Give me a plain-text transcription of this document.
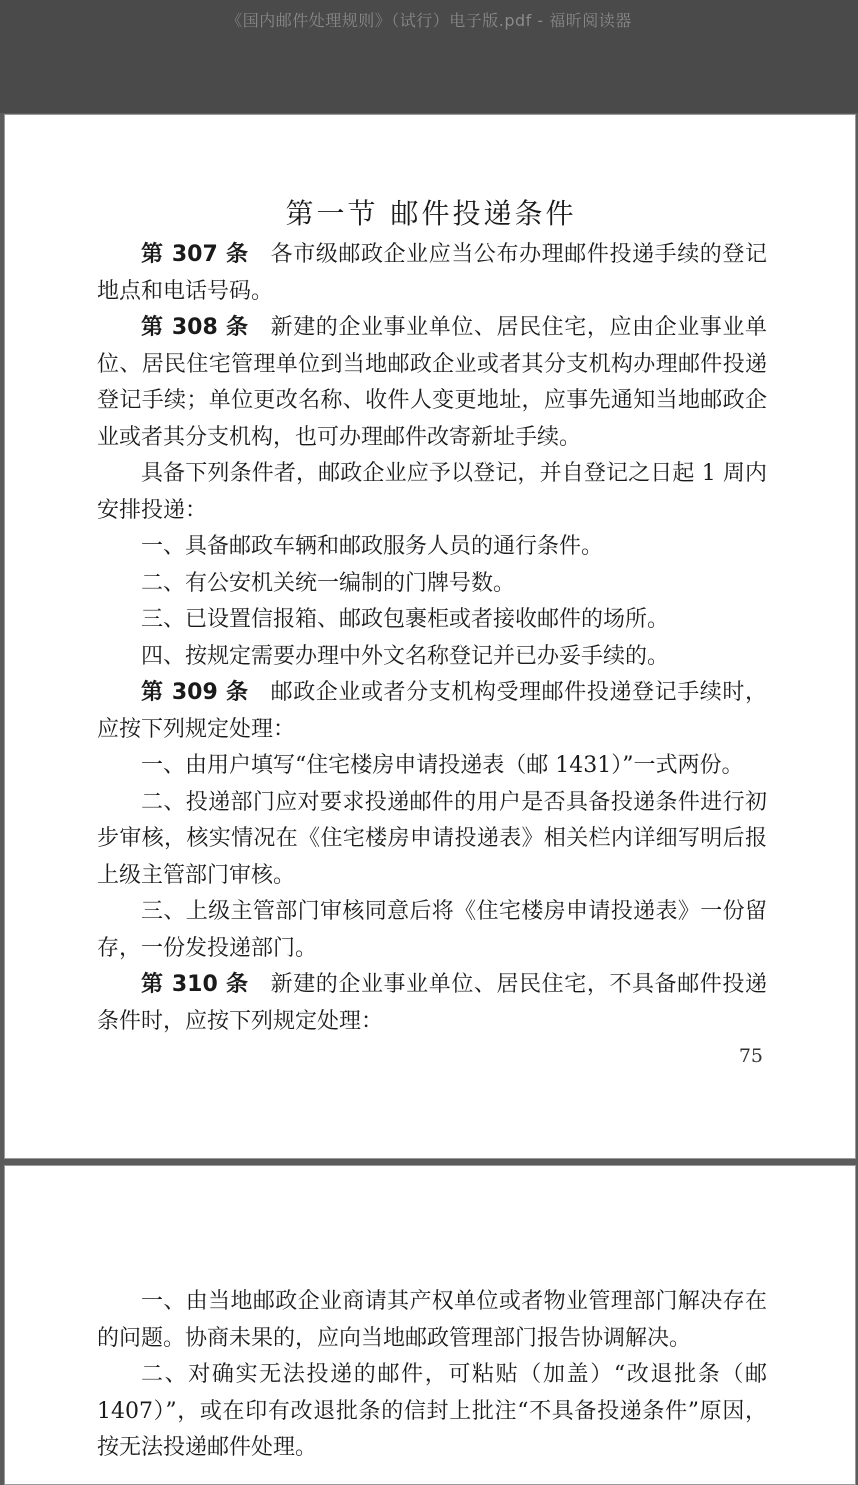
《国内邮件处理规则》（试行）电子版.pdf - 福昕阅读器
第一节 邮件投递条件

第 307 条 各市级邮政企业应当公布办理邮件投递手续的登记地点和电话号码。

第 308 条 新建的企业事业单位、居民住宅，应由企业事业单位、居民住宅管理单位到当地邮政企业或者其分支机构办理邮件投递登记手续；单位更改名称、收件人变更地址，应事先通知当地邮政企业或者其分支机构，也可办理邮件改寄新址手续。

具备下列条件者，邮政企业应予以登记，并自登记之日起 1 周内安排投递：

一、具备邮政车辆和邮政服务人员的通行条件。

二、有公安机关统一编制的门牌号数。

三、已设置信报箱、邮政包裹柜或者接收邮件的场所。

四、按规定需要办理中外文名称登记并已办妥手续的。

第 309 条 邮政企业或者分支机构受理邮件投递登记手续时，应按下列规定处理：

一、由用户填写“住宅楼房申请投递表（邮 1431）”一式两份。

二、投递部门应对要求投递邮件的用户是否具备投递条件进行初步审核，核实情况在《住宅楼房申请投递表》相关栏内详细写明后报上级主管部门审核。

三、上级主管部门审核同意后将《住宅楼房申请投递表》一份留存，一份发投递部门。

第 310 条 新建的企业事业单位、居民住宅，不具备邮件投递条件时，应按下列规定处理：

75

一、由当地邮政企业商请其产权单位或者物业管理部门解决存在的问题。协商未果的，应向当地邮政管理部门报告协调解决。

二、对确实无法投递的邮件，可粘贴（加盖）“改退批条（邮1407）”，或在印有改退批条的信封上批注“不具备投递条件”原因，按无法投递邮件处理。
